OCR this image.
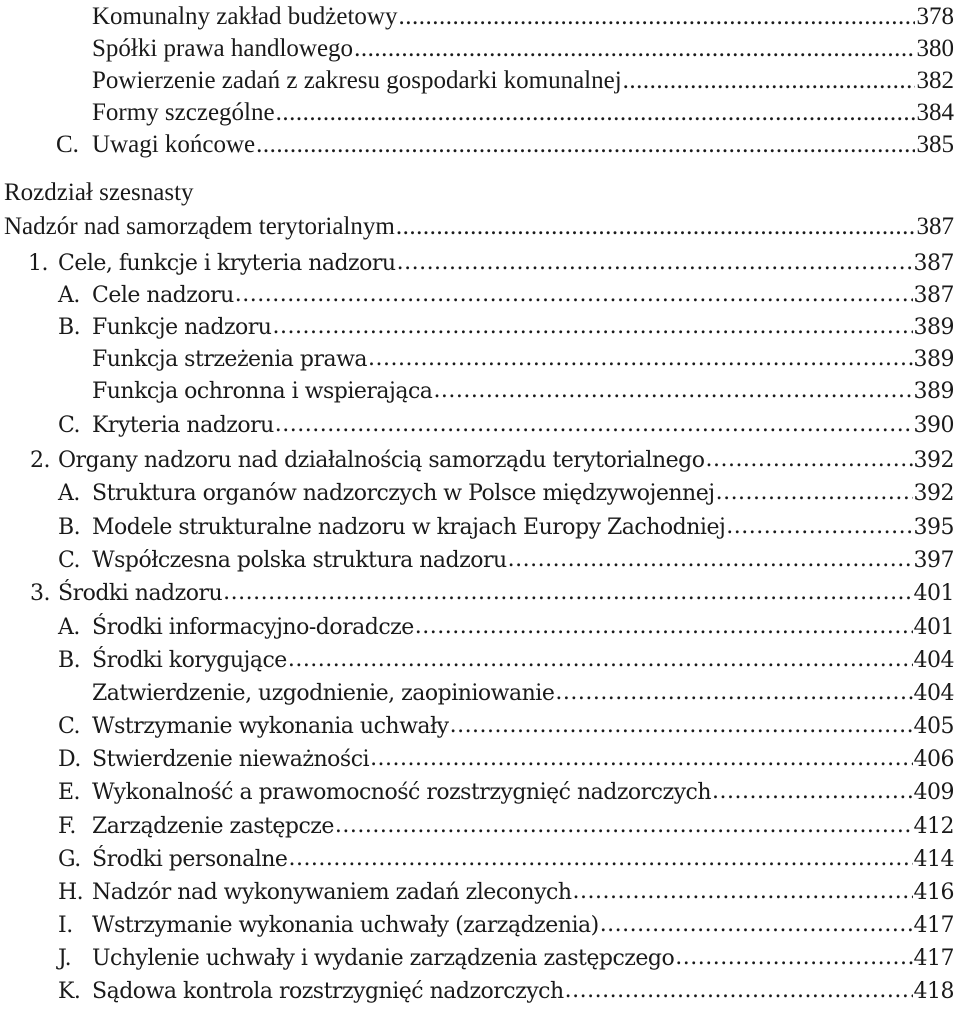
Komunalny zakład budżetowy .....	378
Spółki prawa handlowego .....	380
Powierzenie zadań z zakresu gospodarki komunalnej .....	382
Formy szczególne .....	384
C. Uwagi końcowe .....	385
Rozdział szesnasty
Nadzór nad samorządem terytorialnym .....	387
1. Cele, funkcje i kryteria nadzoru .....	387
A. Cele nadzoru .....	387
B. Funkcje nadzoru .....	389
Funkcja strzeżenia prawa .....	389
Funkcja ochronna i wspierająca .....	389
C. Kryteria nadzoru .....	390
2. Organy nadzoru nad działalnością samorządu terytorialnego .....	392
A. Struktura organów nadzorczych w Polsce międzywojennej .....	392
B. Modele strukturalne nadzoru w krajach Europy Zachodniej .....	395
C. Współczesna polska struktura nadzoru .....	397
3. Środki nadzoru .....	401
A. Środki informacyjno-doradcze .....	401
B. Środki korygujące .....	404
Zatwierdzenie, uzgodnienie, zaopiniowanie .....	404
C. Wstrzymanie wykonania uchwały .....	405
D. Stwierdzenie nieważności .....	406
E. Wykonalność a prawomocność rozstrzygnięć nadzorczych .....	409
F. Zarządzenie zastępcze .....	412
G. Środki personalne .....	414
H. Nadzór nad wykonywaniem zadań zleconych .....	416
I. Wstrzymanie wykonania uchwały (zarządzenia) .....	417
J. Uchylenie uchwały i wydanie zarządzenia zastępczego .....	417
K. Sądowa kontrola rozstrzygnięć nadzorczych .....	418
